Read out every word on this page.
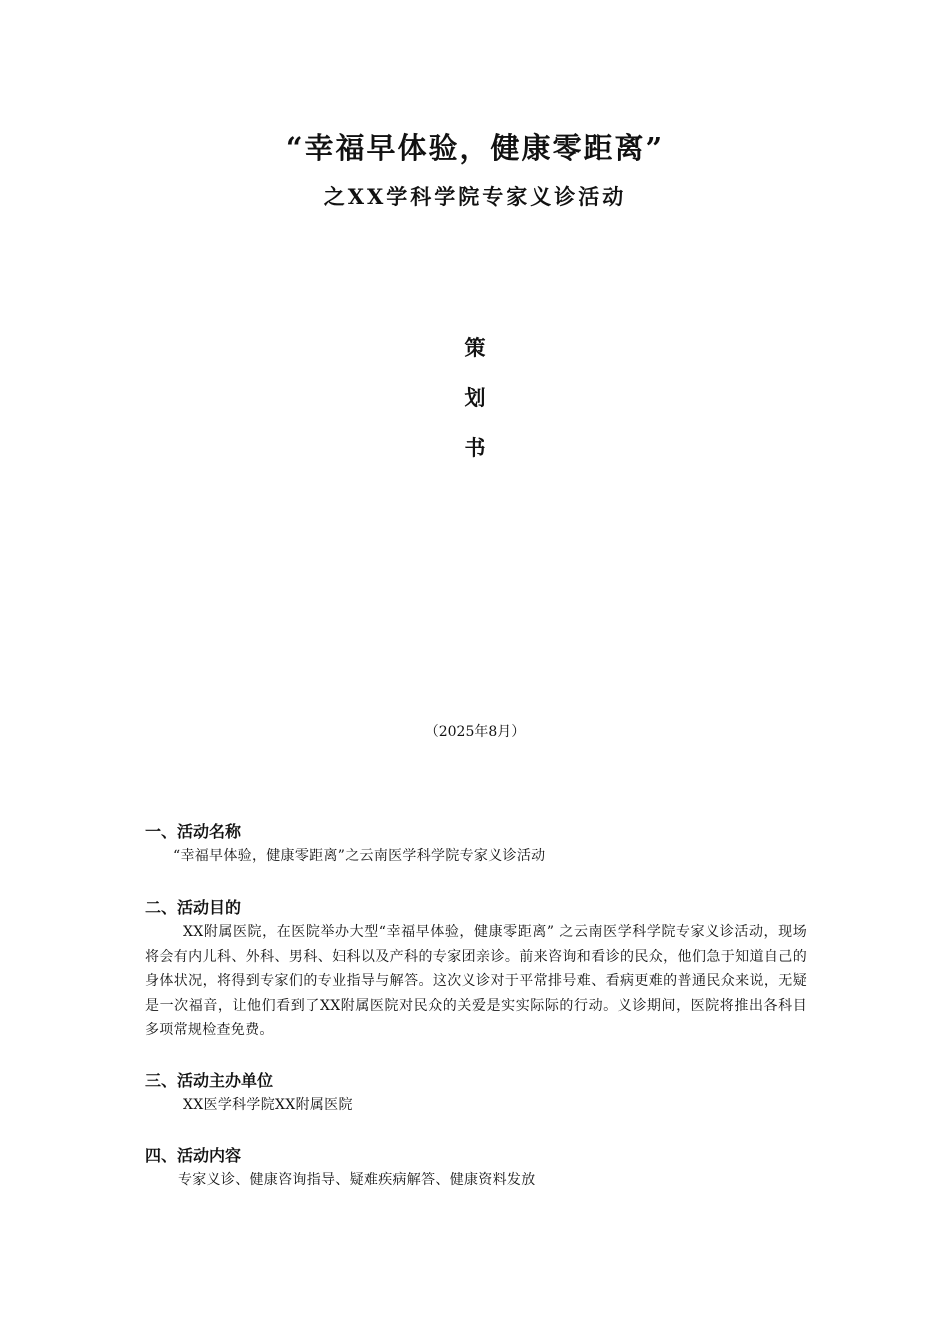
“幸福早体验，健康零距离”
之XX学科学院专家义诊活动
策
划
书
（2025年8月）

一、活动名称

“幸福早体验，健康零距离”之云南医学科学院专家义诊活动

二、活动目的

XX附属医院，在医院举办大型“幸福早体验，健康零距离” 之云南医学科学院专家义诊活动，现场将会有内儿科、外科、男科、妇科以及产科的专家团亲诊。前来咨询和看诊的民众，他们急于知道自己的身体状况，将得到专家们的专业指导与解答。这次义诊对于平常排号难、看病更难的普通民众来说，无疑是一次福音，让他们看到了XX附属医院对民众的关爱是实实际际的行动。义诊期间，医院将推出各科目多项常规检查免费。

三、活动主办单位

XX医学科学院XX附属医院

四、活动内容

专家义诊、健康咨询指导、疑难疾病解答、健康资料发放
